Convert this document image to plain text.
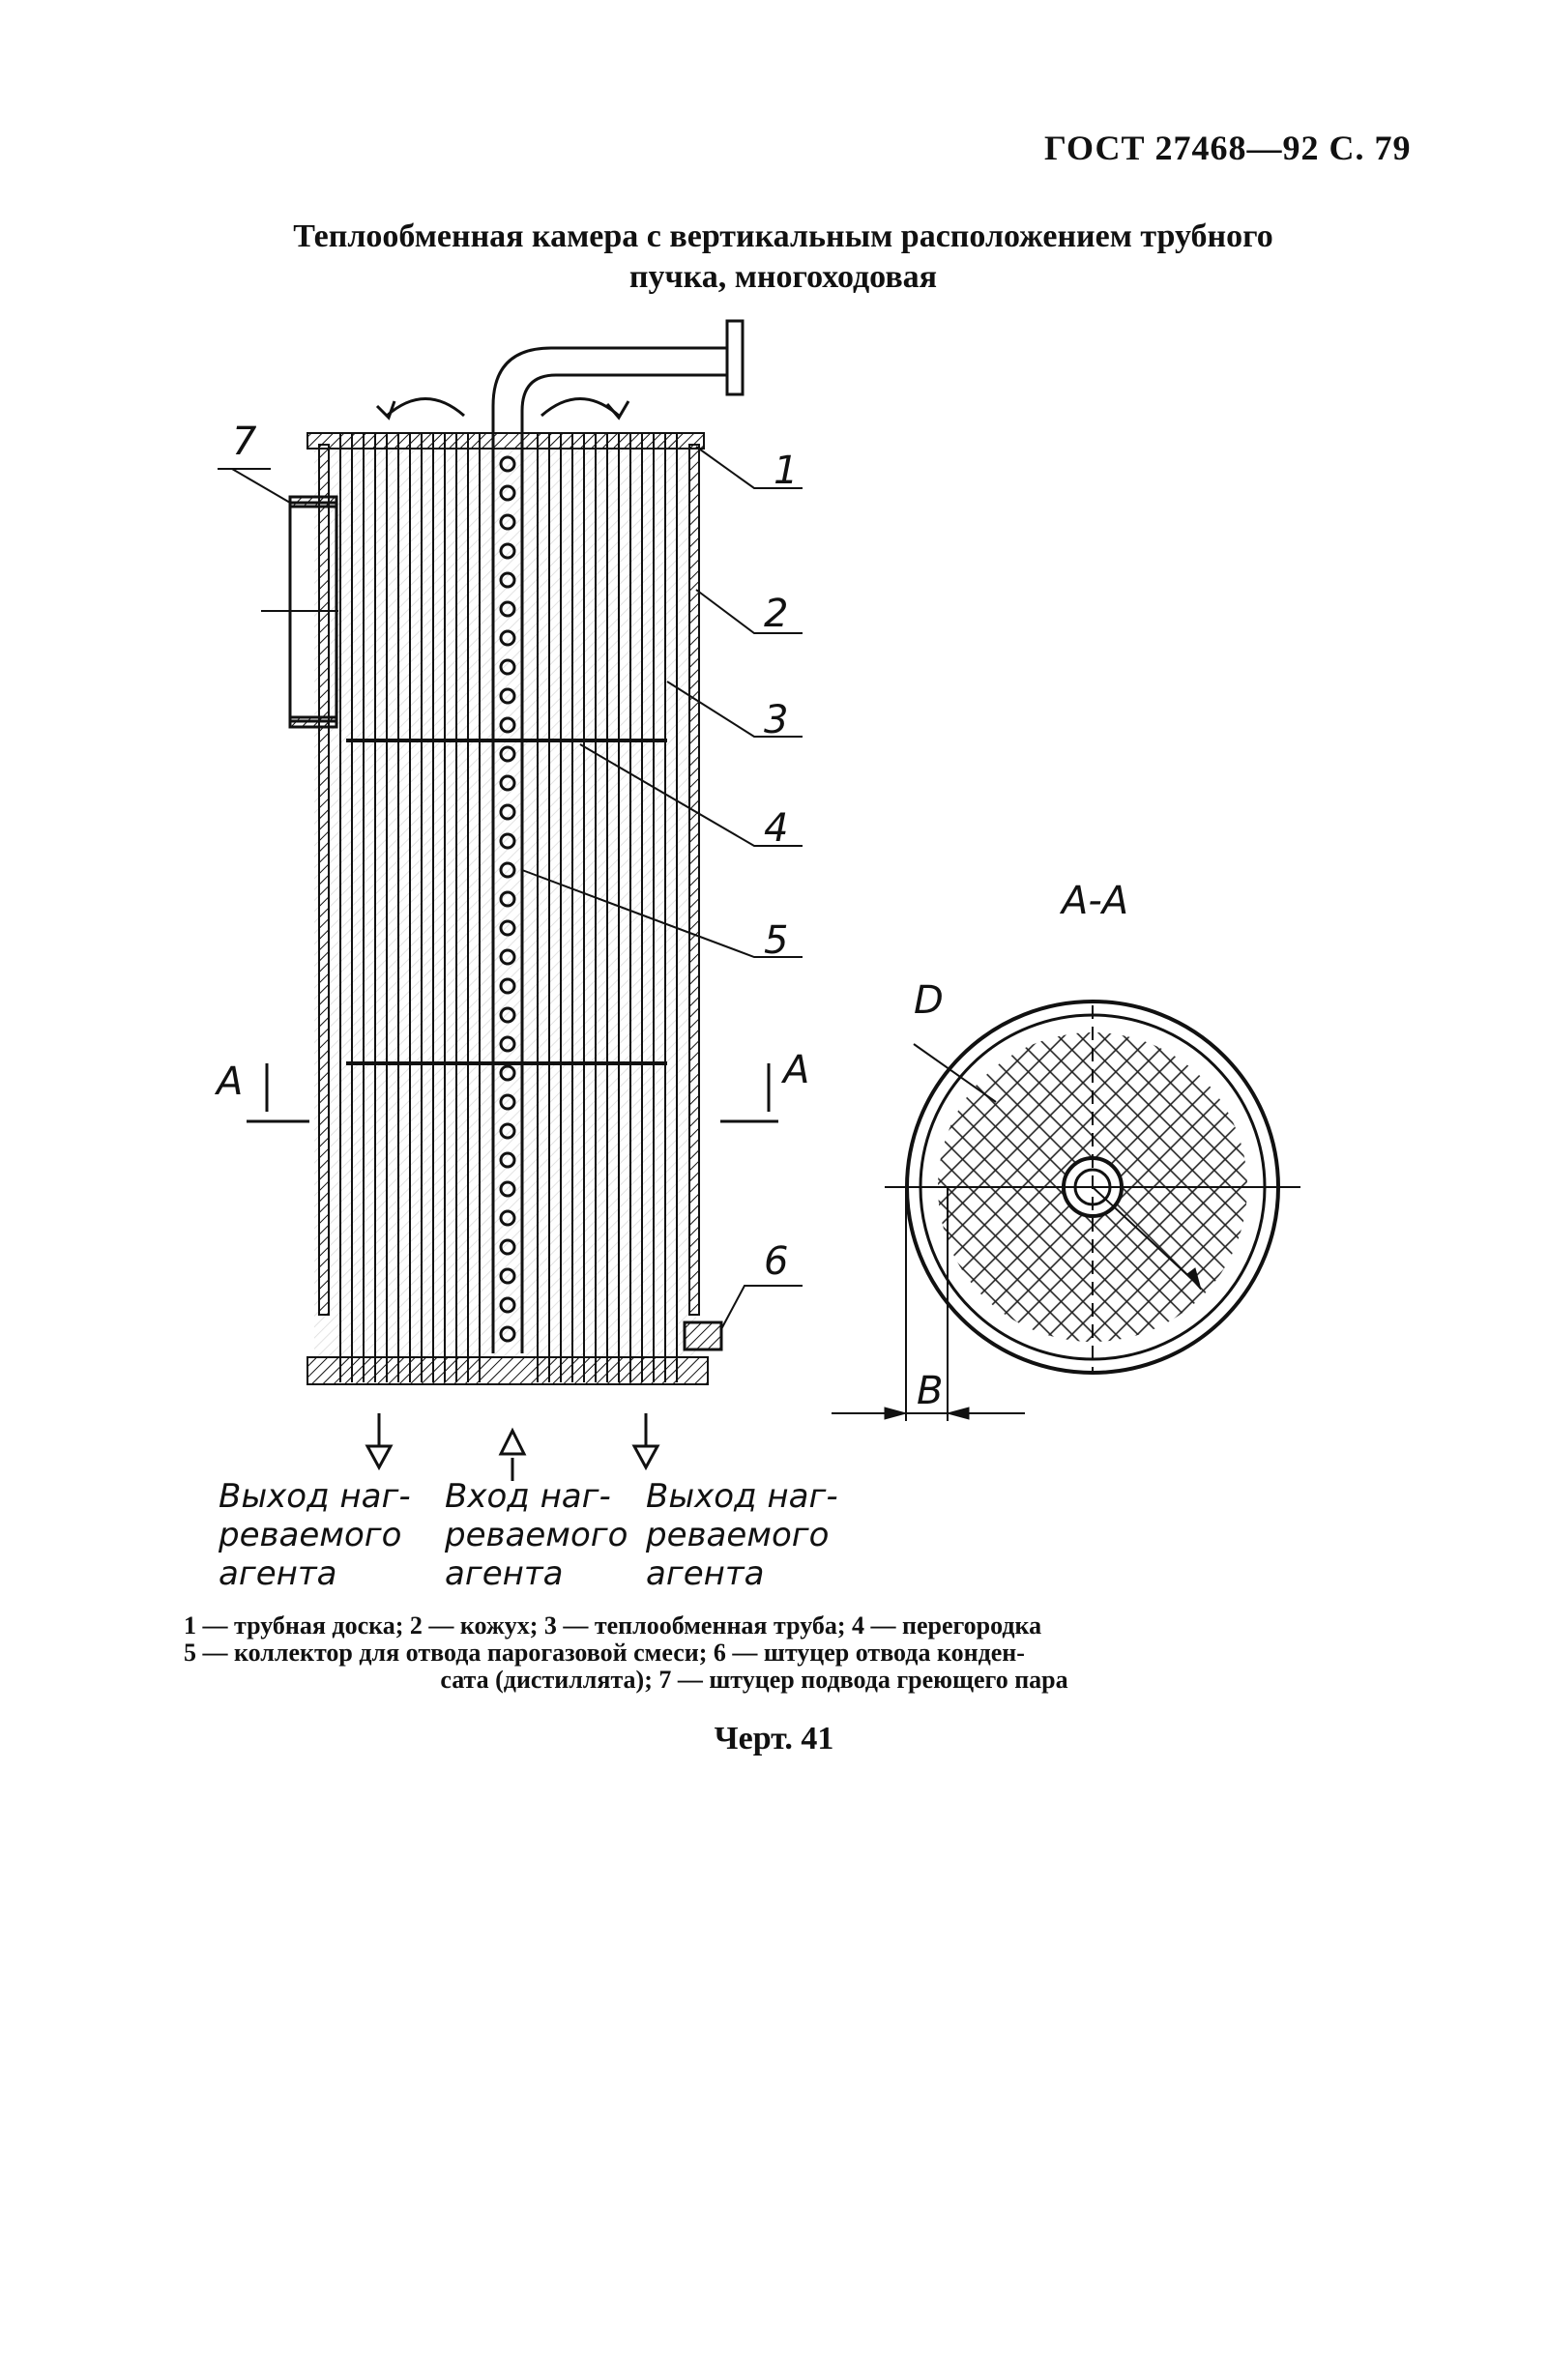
ГОСТ 27468—92 С. 79
Теплообменная камера с вертикальным расположением трубного
пучка, многоходовая
1
2
3
4
5
6
7
A	A
А-А
D
B
Выход наг-
ревaемого
агента
Вход наг-
ревaемого
агента
Выход наг-
ревaемого
агента
1 — трубная доска; 2 — кожух; 3 — теплообменная труба; 4 — перегородка
5 — коллектор для отвода парогазовой смеси; 6 — штуцер отвода конден-
сата (дистиллята); 7 — штуцер подвода греющего пара
Черт. 41
